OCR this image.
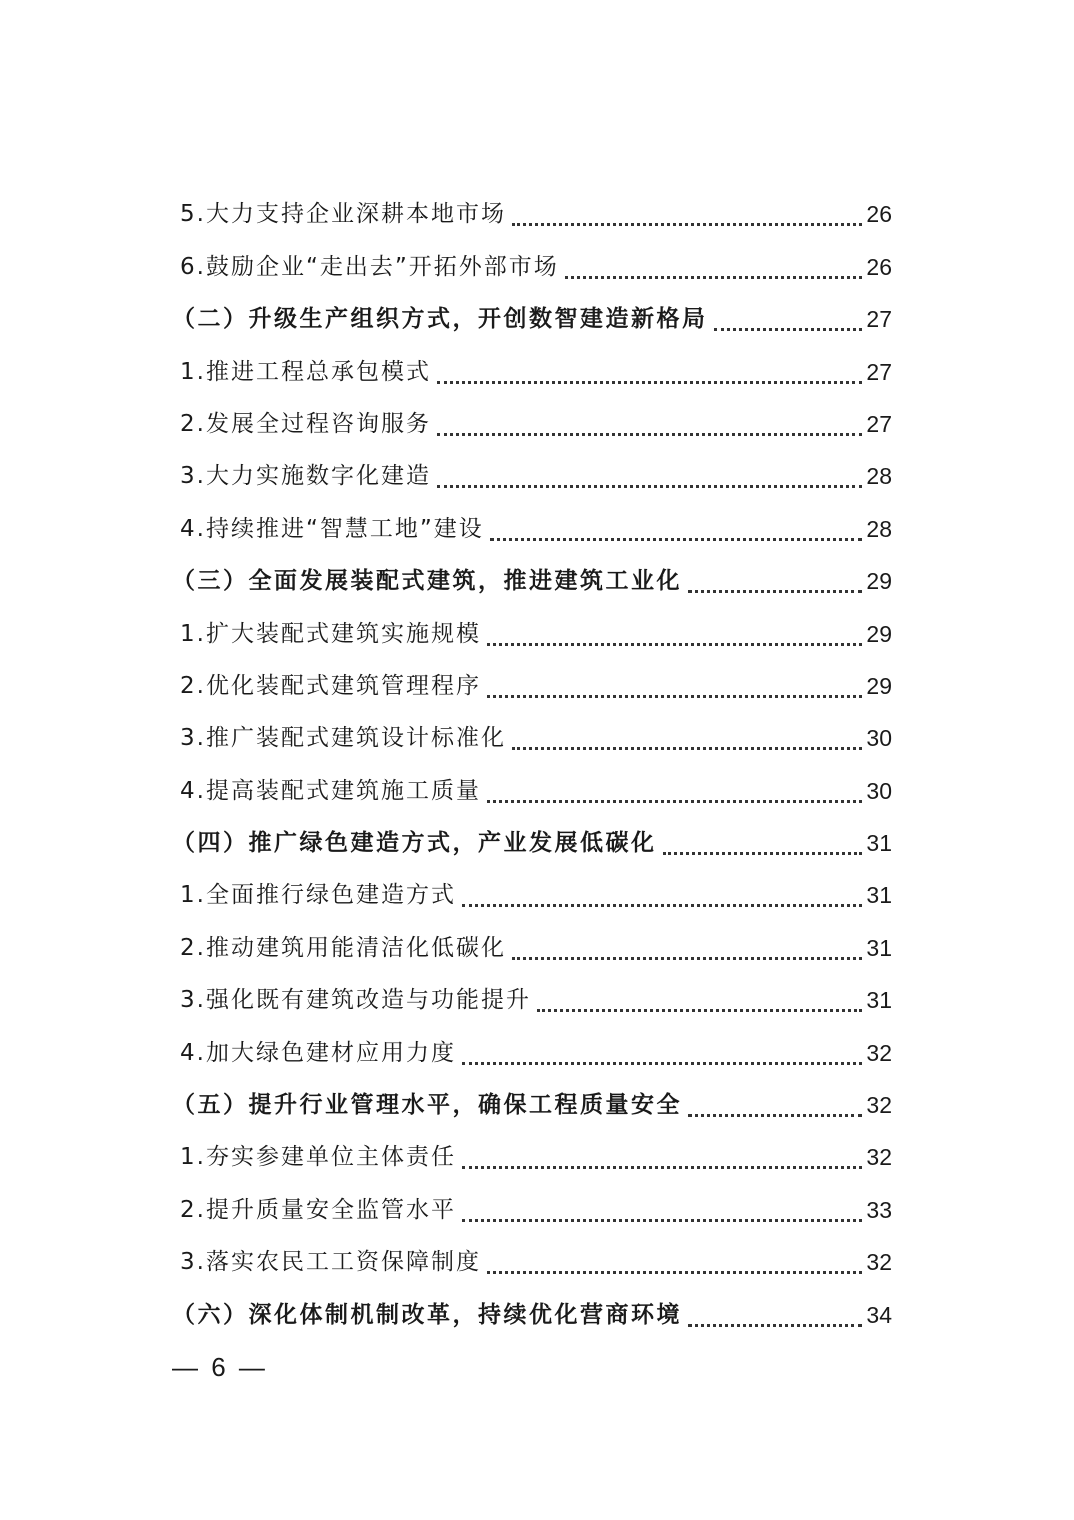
5.大力支持企业深耕本地市场	26
6.鼓励企业“走出去”开拓外部市场	26
（二）升级生产组织方式，开创数智建造新格局	27
1.推进工程总承包模式	27
2.发展全过程咨询服务	27
3.大力实施数字化建造	28
4.持续推进“智慧工地”建设	28
（三）全面发展装配式建筑，推进建筑工业化	29
1.扩大装配式建筑实施规模	29
2.优化装配式建筑管理程序	29
3.推广装配式建筑设计标准化	30
4.提高装配式建筑施工质量	30
（四）推广绿色建造方式，产业发展低碳化	31
1.全面推行绿色建造方式	31
2.推动建筑用能清洁化低碳化	31
3.强化既有建筑改造与功能提升	31
4.加大绿色建材应用力度	32
（五）提升行业管理水平，确保工程质量安全	32
1.夯实参建单位主体责任	32
2.提升质量安全监管水平	33
3.落实农民工工资保障制度	32
（六）深化体制机制改革，持续优化营商环境	34
— 6 —
